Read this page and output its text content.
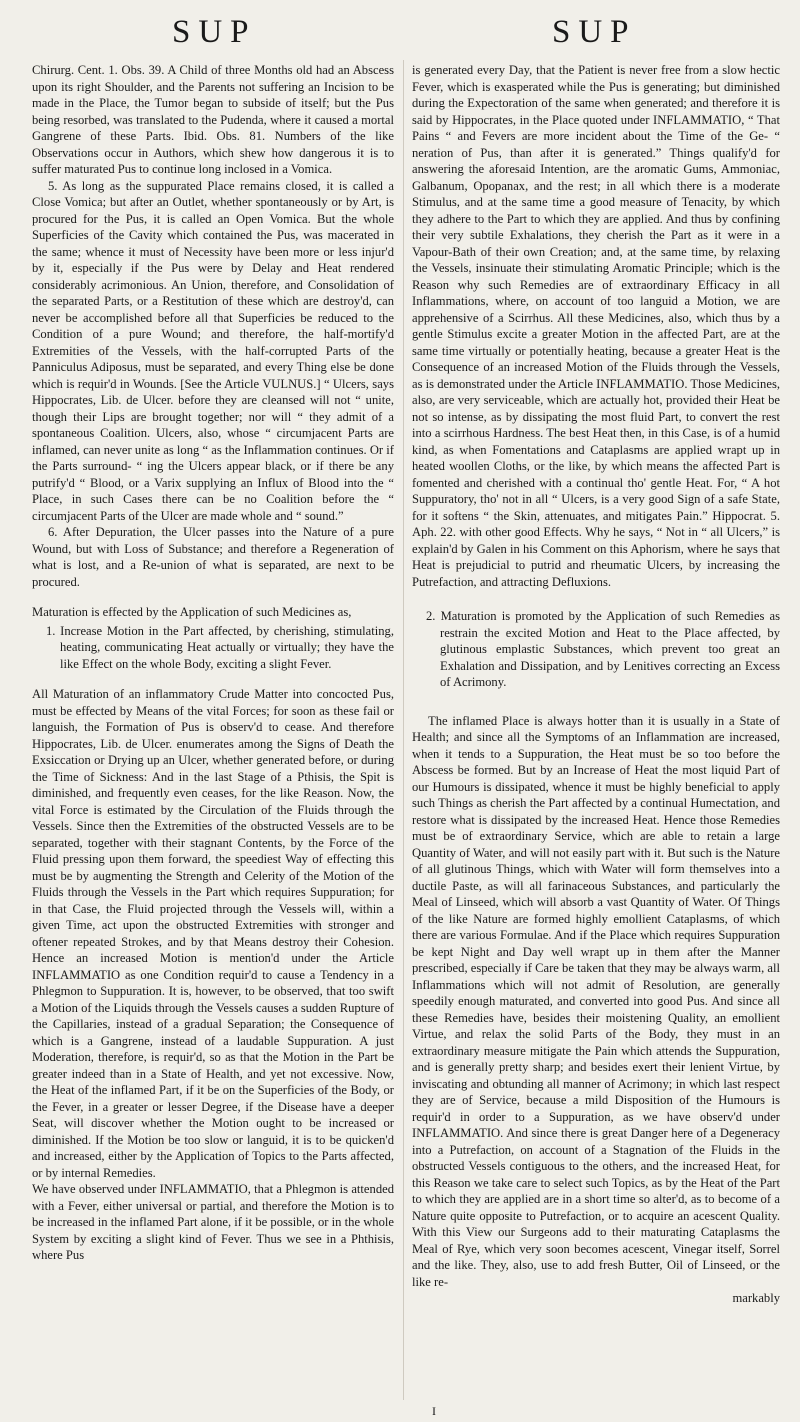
SUP	SUP

Chirurg. Cent. 1. Obs. 39. A Child of three Months old had an Abscess upon its right Shoulder, and the Parents not suffering an Incision to be made in the Place, the Tumor began to subside of itself; but the Pus being resorbed, was translated to the Pudenda, where it caused a mortal Gangrene of these Parts. Ibid. Obs. 81. Numbers of the like Observations occur in Authors, which shew how dangerous it is to suffer maturated Pus to continue long inclosed in a Vomica.

5. As long as the suppurated Place remains closed, it is called a Close Vomica; but after an Outlet, whether spontaneously or by Art, is procured for the Pus, it is called an Open Vomica. But the whole Superficies of the Cavity which contained the Pus, was macerated in the same; whence it must of Necessity have been more or less injur'd by it, especially if the Pus were by Delay and Heat rendered considerably acrimonious. An Union, therefore, and Consolidation of the separated Parts, or a Restitution of these which are destroy'd, can never be accomplished before all that Superficies be reduced to the Condition of a pure Wound; and therefore, the half-mortify'd Extremities of the Vessels, with the half-corrupted Parts of the Panniculus Adiposus, must be separated, and every Thing else be done which is requir'd in Wounds. [See the Article VULNUS.] “ Ulcers, says Hippocrates, Lib. de Ulcer. before they are cleansed will not “ unite, though their Lips are brought together; nor will “ they admit of a spontaneous Coalition. Ulcers, also, whose “ circumjacent Parts are inflamed, can never unite as long “ as the Inflammation continues. Or if the Parts surround- “ ing the Ulcers appear black, or if there be any putrify'd “ Blood, or a Varix supplying an Influx of Blood into the “ Place, in such Cases there can be no Coalition before the “ circumjacent Parts of the Ulcer are made whole and “ sound.”

6. After Depuration, the Ulcer passes into the Nature of a pure Wound, but with Loss of Substance; and therefore a Regeneration of what is lost, and a Re-union of what is separated, are next to be procured.

Maturation is effected by the Application of such Medicines as,

1. Increase Motion in the Part affected, by cherishing, stimulating, heating, communicating Heat actually or virtually; they have the like Effect on the whole Body, exciting a slight Fever.

All Maturation of an inflammatory Crude Matter into concocted Pus, must be effected by Means of the vital Forces; for soon as these fail or languish, the Formation of Pus is observ'd to cease. And therefore Hippocrates, Lib. de Ulcer. enumerates among the Signs of Death the Exsiccation or Drying up an Ulcer, whether generated before, or during the Time of Sickness: And in the last Stage of a Pthisis, the Spit is diminished, and frequently even ceases, for the like Reason. Now, the vital Force is estimated by the Circulation of the Fluids through the Vessels. Since then the Extremities of the obstructed Vessels are to be separated, together with their stagnant Contents, by the Force of the Fluid pressing upon them forward, the speediest Way of effecting this must be by augmenting the Strength and Celerity of the Motion of the Fluids through the Vessels in the Part which requires Suppuration; for in that Case, the Fluid projected through the Vessels will, within a given Time, act upon the obstructed Extremities with stronger and oftener repeated Strokes, and by that Means destroy their Cohesion. Hence an increased Motion is mention'd under the Article INFLAMMATIO as one Condition requir'd to cause a Tendency in a Phlegmon to Suppuration. It is, however, to be observed, that too swift a Motion of the Liquids through the Vessels causes a sudden Rupture of the Capillaries, instead of a gradual Separation; the Consequence of which is a Gangrene, instead of a laudable Suppuration. A just Moderation, therefore, is requir'd, so as that the Motion in the Part be greater indeed than in a State of Health, and yet not excessive. Now, the Heat of the inflamed Part, if it be on the Superficies of the Body, or the Fever, in a greater or lesser Degree, if the Disease have a deeper Seat, will discover whether the Motion ought to be increased or diminished. If the Motion be too slow or languid, it is to be quicken'd and increased, either by the Application of Topics to the Parts affected, or by internal Remedies.

We have observed under INFLAMMATIO, that a Phlegmon is attended with a Fever, either universal or partial, and therefore the Motion is to be increased in the inflamed Part alone, if it be possible, or in the whole System by exciting a slight kind of Fever. Thus we see in a Phthisis, where Pus

is generated every Day, that the Patient is never free from a slow hectic Fever, which is exasperated while the Pus is generating; but diminished during the Expectoration of the same when generated; and therefore it is said by Hippocrates, in the Place quoted under INFLAMMATIO, “ That Pains “ and Fevers are more incident about the Time of the Ge- “ neration of Pus, than after it is generated.” Things qualify'd for answering the aforesaid Intention, are the aromatic Gums, Ammoniac, Galbanum, Opopanax, and the rest; in all which there is a moderate Stimulus, and at the same time a good measure of Tenacity, by which they adhere to the Part to which they are applied. And thus by confining their very subtile Exhalations, they cherish the Part as it were in a Vapour-Bath of their own Creation; and, at the same time, by relaxing the Vessels, insinuate their stimulating Aromatic Principle; which is the Reason why such Remedies are of extraordinary Efficacy in all Inflammations, where, on account of too languid a Motion, we are apprehensive of a Scirrhus. All these Medicines, also, which thus by a gentle Stimulus excite a greater Motion in the affected Part, are at the same time virtually or potentially heating, because a greater Heat is the Consequence of an increased Motion of the Fluids through the Vessels, as is demonstrated under the Article INFLAMMATIO. Those Medicines, also, are very serviceable, which are actually hot, provided their Heat be not so intense, as by dissipating the most fluid Part, to convert the rest into a scirrhous Hardness. The best Heat then, in this Case, is of a humid kind, as when Fomentations and Cataplasms are applied wrapt up in heated woollen Cloths, or the like, by which means the affected Part is fomented and cherished with a continual tho' gentle Heat. For, “ A hot Suppuratory, tho' not in all “ Ulcers, is a very good Sign of a safe State, for it softens “ the Skin, attenuates, and mitigates Pain.” Hippocrat. 5. Aph. 22. with other good Effects. Why he says, “ Not in “ all Ulcers,” is explain'd by Galen in his Comment on this Aphorism, where he says that Heat is prejudicial to putrid and rheumatic Ulcers, by increasing the Putrefaction, and attracting Defluxions.

2. Maturation is promoted by the Application of such Remedies as restrain the excited Motion and Heat to the Place affected, by glutinous emplastic Substances, which prevent too great an Exhalation and Dissipation, and by Lenitives correcting an Excess of Acrimony.

The inflamed Place is always hotter than it is usually in a State of Health; and since all the Symptoms of an Inflammation are increased, when it tends to a Suppuration, the Heat must be so too before the Abscess be formed. But by an Increase of Heat the most liquid Part of our Humours is dissipated, whence it must be highly beneficial to apply such Things as cherish the Part affected by a continual Humectation, and restore what is dissipated by the increased Heat. Hence those Remedies must be of extraordinary Service, which are able to retain a large Quantity of Water, and will not easily part with it. But such is the Nature of all glutinous Things, which with Water will form themselves into a ductile Paste, as will all farinaceous Substances, and particularly the Meal of Linseed, which will absorb a vast Quantity of Water. Of Things of the like Nature are formed highly emollient Cataplasms, of which there are various Formulae. And if the Place which requires Suppuration be kept Night and Day well wrapt up in them after the Manner prescribed, especially if Care be taken that they may be always warm, all Inflammations which will not admit of Resolution, are generally speedily enough maturated, and converted into good Pus. And since all these Remedies have, besides their moistening Quality, an emollient Virtue, and relax the solid Parts of the Body, they must in an extraordinary measure mitigate the Pain which attends the Suppuration, and is generally pretty sharp; and besides exert their lenient Virtue, by inviscating and obtunding all manner of Acrimony; in which last respect they are of Service, because a mild Disposition of the Humours is requir'd in order to a Suppuration, as we have observ'd under INFLAMMATIO. And since there is great Danger here of a Degeneracy into a Putrefaction, on account of a Stagnation of the Fluids in the obstructed Vessels contiguous to the others, and the increased Heat, for this Reason we take care to select such Topics, as by the Heat of the Part to which they are applied are in a short time so alter'd, as to become of a Nature quite opposite to Putrefaction, or to acquire an acescent Quality. With this View our Surgeons add to their maturating Cataplasms the Meal of Rye, which very soon becomes acescent, Vinegar itself, Sorrel and the like. They, also, use to add fresh Butter, Oil of Linseed, or the like re-

markably

I
